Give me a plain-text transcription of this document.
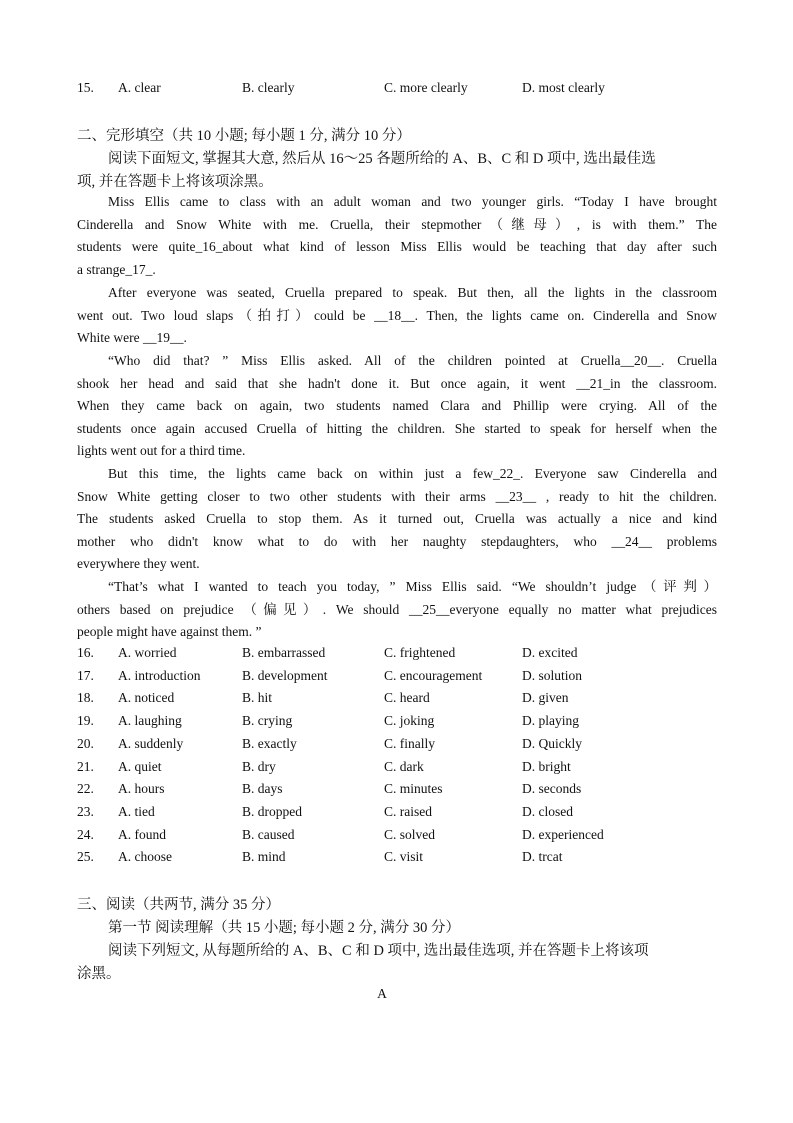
15. A. clear	B. clearly	C. more clearly	D. most clearly
二、完形填空（共 10 小题; 每小题 1 分, 满分 10 分）
阅读下面短文, 掌握其大意, 然后从 16～25 各题所给的 A、B、C 和 D 项中, 选出最佳选
项, 并在答题卡上将该项涂黑。
Miss Ellis came to class with an adult woman and two younger girls. “Today I have brought
Cinderella and Snow White with me. Cruella, their stepmother（继母）, is with them.” The
students were quite_16_about what kind of lesson Miss Ellis would be teaching that day after such
a strange_17_.
After everyone was seated, Cruella prepared to speak. But then, all the lights in the classroom
went out. Two loud slaps（拍打）could be __18__. Then, the lights came on. Cinderella and Snow
White were __19__.
“Who did that? ” Miss Ellis asked. All of the children pointed at Cruella__20__. Cruella
shook her head and said that she hadn't done it. But once again, it went __21_in the classroom.
When they came back on again, two students named Clara and Phillip were crying. All of the
students once again accused Cruella of hitting the children. She started to speak for herself when the
lights went out for a third time.
But this time, the lights came back on within just a few_22_. Everyone saw Cinderella and
Snow White getting closer to two other students with their arms __23__ , ready to hit the children.
The students asked Cruella to stop them. As it turned out, Cruella was actually a nice and kind
mother who didn't know what to do with her naughty stepdaughters, who __24__ problems
everywhere they went.
“That’s what I wanted to teach you today, ” Miss Ellis said. “We shouldn’t judge（评判）
others based on prejudice （偏见）. We should __25__everyone equally no matter what prejudices
people might have against them. ”
16. A. worried	B. embarrassed	C. frightened	D. excited
17. A. introduction	B. development	C. encouragement	D. solution
18. A. noticed	B. hit	C. heard	D. given
19. A. laughing	B. crying	C. joking	D. playing
20. A. suddenly	B. exactly	C. finally	D. Quickly
21. A. quiet	B. dry	C. dark	D. bright
22. A. hours	B. days	C. minutes	D. seconds
23. A. tied	B. dropped	C. raised	D. closed
24. A. found	B. caused	C. solved	D. experienced
25. A. choose	B. mind	C. visit	D. trcat
三、阅读（共两节, 满分 35 分）
第一节 阅读理解（共 15 小题; 每小题 2 分, 满分 30 分）
阅读下列短文, 从每题所给的 A、B、C 和 D 项中, 选出最佳选项, 并在答题卡上将该项
涂黑。
A
